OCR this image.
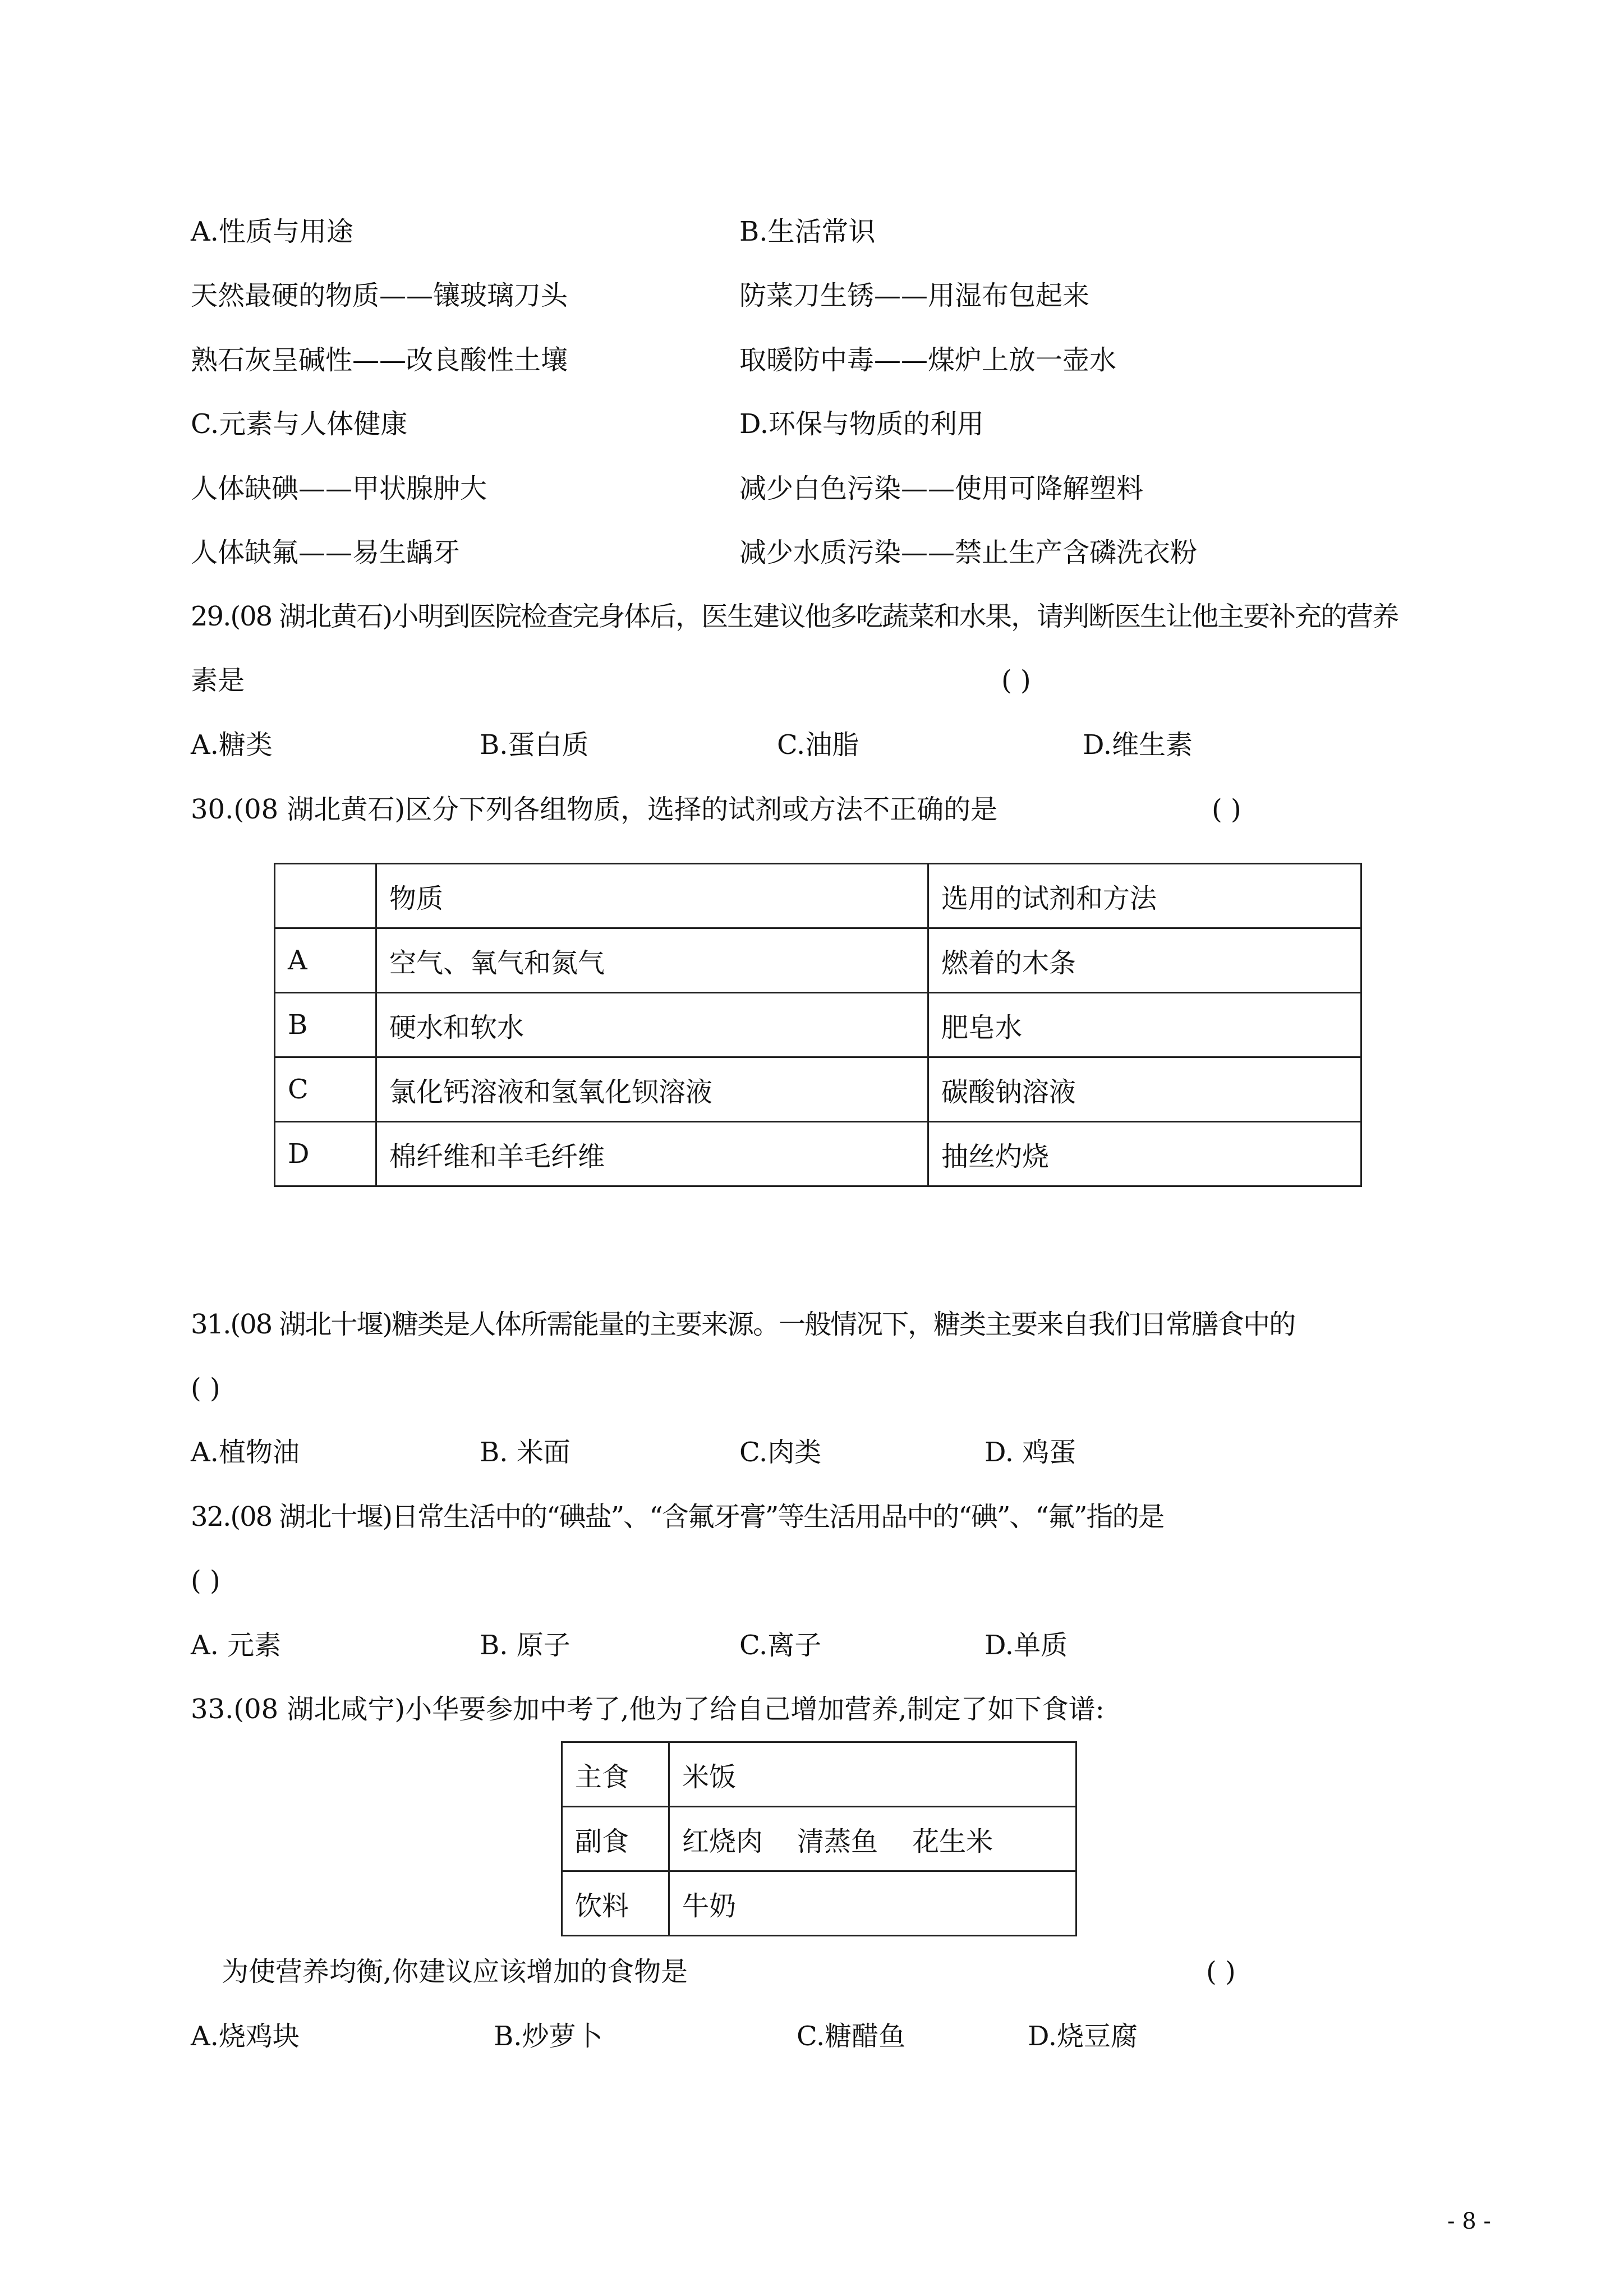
A.性质与用途	B.生活常识
天然最硬的物质——镶玻璃刀头	防菜刀生锈——用湿布包起来
熟石灰呈碱性——改良酸性土壤	取暖防中毒——煤炉上放一壶水
C.元素与人体健康	D.环保与物质的利用
人体缺碘——甲状腺肿大	减少白色污染——使用可降解塑料
人体缺氟——易生龋牙	减少水质污染——禁止生产含磷洗衣粉
29.(08 湖北黄石)小明到医院检查完身体后，医生建议他多吃蔬菜和水果，请判断医生让他主要补充的营养
素是	( )
A.糖类	B.蛋白质	C.油脂	D.维生素
30.(08 湖北黄石)区分下列各组物质，选择的试剂或方法不正确的是	( )
	物质	选用的试剂和方法
A	空气、氧气和氮气	燃着的木条
B	硬水和软水	肥皂水
C	氯化钙溶液和氢氧化钡溶液	碳酸钠溶液
D	棉纤维和羊毛纤维	抽丝灼烧
31.(08 湖北十堰)糖类是人体所需能量的主要来源。一般情况下，糖类主要来自我们日常膳食中的
( )
A.植物油	B. 米面	C.肉类	D. 鸡蛋
32.(08 湖北十堰)日常生活中的“碘盐”、“含氟牙膏”等生活用品中的“碘”、“氟”指的是
( )
A. 元素	B. 原子	C.离子	D.单质
33.(08 湖北咸宁)小华要参加中考了,他为了给自己增加营养,制定了如下食谱:
主食	米饭
副食	红烧肉    清蒸鱼    花生米
饮料	牛奶
为使营养均衡,你建议应该增加的食物是	( )
A.烧鸡块	B.炒萝卜	C.糖醋鱼	D.烧豆腐
- 8 -
